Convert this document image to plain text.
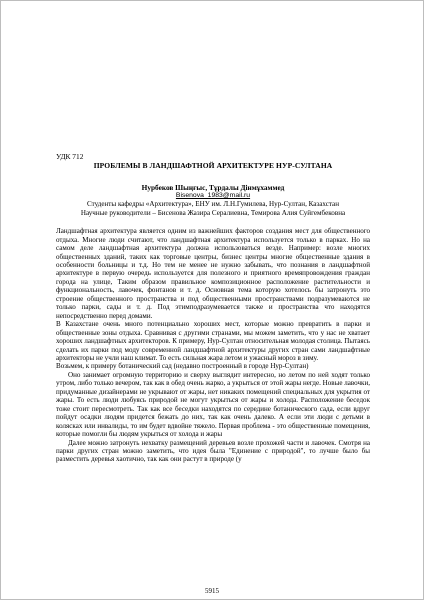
УДК 712
ПРОБЛЕМЫ В ЛАНДШАФТНОЙ АРХИТЕКТУРЕ НУР-СУЛТАНА
Нурбеков Шыңғыс, Тұрдалы Дінмұхаммед
Bisenova_1983@mail.ru
Студенты кафедры «Архитектура», ЕНУ им. Л.Н.Гумилева, Нур-Султан, Казахстан
Научные руководители – Бисенова Жазира Сералиевна, Темирова Алия Суйгембековна

Ландшафтная архитектура является одним из важнейших факторов создания мест для общественного отдыха. Многие люди считают, что ландшафтная архитектура используется только в парках. Но на самом деле ландшафтная архитектура должна использоваться везде. Например: возле многих общественных зданий, таких как торговые центры, бизнес центры многие общественные здания в особенности больницы и т.д. Но тем не менее не нужно забывать, что познания в ландшафтной архитектуре в первую очередь используется для полезного и приятного времяпровождения граждан города на улице, Таким образом правильное композиционное расположение растительности и функциональность, лавочек, фонтанов и т. д. Основная тема которую хотелось бы затронуть это строение общественного пространства и под общественными пространствами подразумеваются не только парки, сады и т. д. Под этимподразумевается также и пространства что находятся непосредственно перед домами.

В Казахстане очень много потенциально хороших мест, которые можно превратить в парки и общественные зоны отдыха. Сравнивая с другими странами, мы можем заметить, что у нас не хватает хороших ландшафтных архитекторов. К примеру, Нур-Султан относительная молодая столица. Пытаясь сделать их парки под моду современной ландшафтной архитектуры других стран сами ландшафтные архитекторы не учли наш климат. То есть сильная жара летом и ужасный мороз в зиму.

Возьмем, к примеру ботанический сад (недавно построенный в городе Нур-Султан)

Оно занимает огромную территорию и сверху выглядит интересно, но летом по ней ходят только утром, либо только вечером, так как в обед очень жарко, а укрыться от этой жары негде. Новые лавочки, придуманные дизайнерами не укрывают от жары, нет никаких помещений специальных для укрытия от жары. То есть люди любуясь природой не могут укрыться от жары и холода. Расположение беседок тоже стоит пересмотреть. Так как все беседки находятся по середине ботанического сада, если вдруг пойдут осадки людям придется бежать до них, так как очень далеко. А если эти люди с детьми в колясках или инвалиды, то им будет вдвойне тяжело. Первая проблема - это общественные помещения, которые помогли бы людям укрыться от холода и жары

Далее можно затронуть нехватку размещений деревьев возле прохожей части и лавочек. Смотря на парки других стран можно заметить, что идея была "Единение с природой", то лучше было бы разместить деревья хаотично, так как они растут в природе (у

5915
